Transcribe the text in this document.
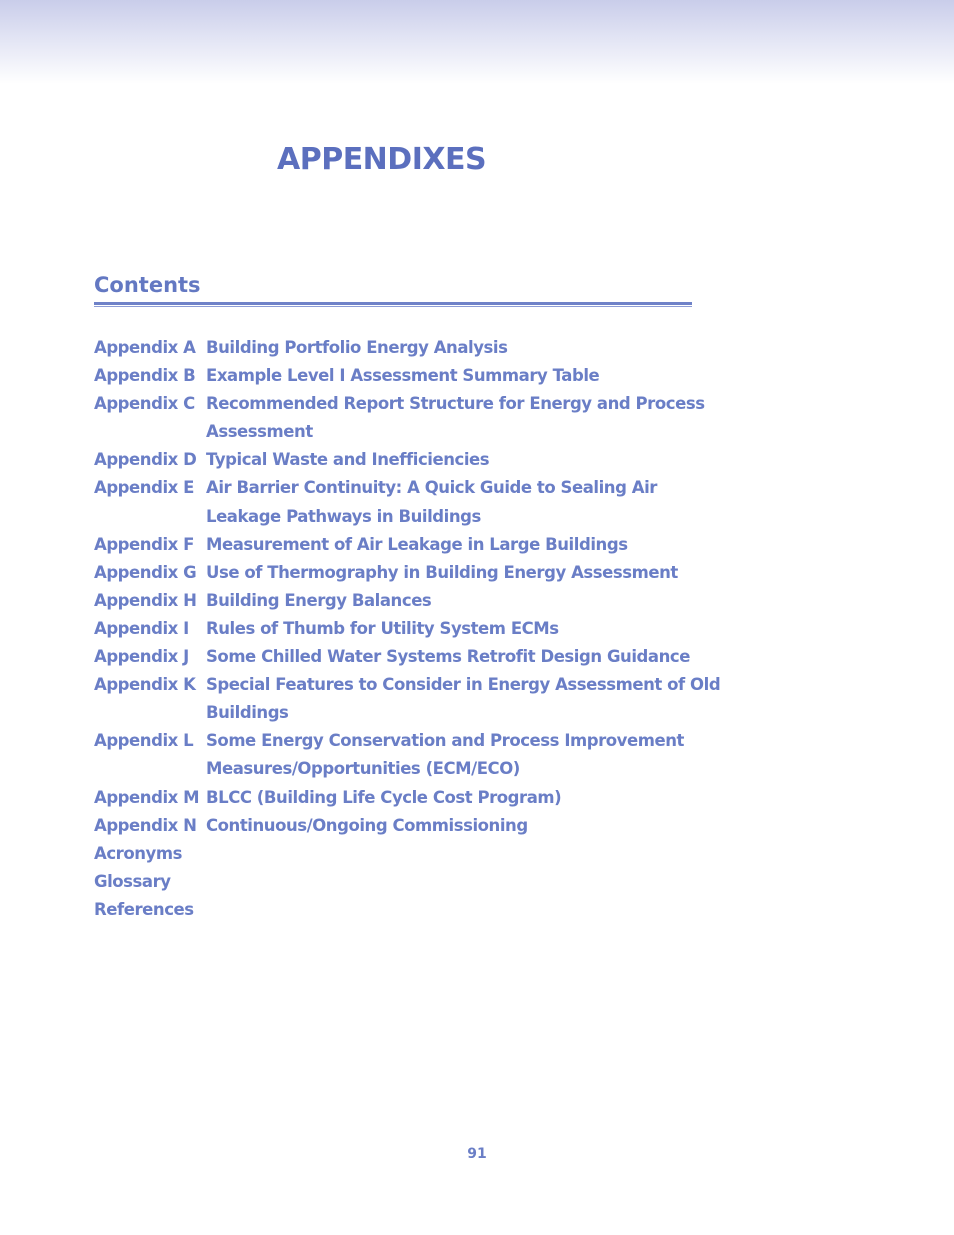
APPENDIXES
Contents
Appendix A Building Portfolio Energy Analysis
Appendix B Example Level I Assessment Summary Table
Appendix C Recommended Report Structure for Energy and Process
Assessment
Appendix D Typical Waste and Inefficiencies
Appendix E Air Barrier Continuity: A Quick Guide to Sealing Air
Leakage Pathways in Buildings
Appendix F Measurement of Air Leakage in Large Buildings
Appendix G Use of Thermography in Building Energy Assessment
Appendix H Building Energy Balances
Appendix I	Rules of Thumb for Utility System ECMs
Appendix J	Some Chilled Water Systems Retrofit Design Guidance
Appendix K Special Features to Consider in Energy Assessment of Old
Buildings
Appendix L Some Energy Conservation and Process Improvement
Measures/Opportunities (ECM/ECO)
Appendix M BLCC (Building Life Cycle Cost Program)
Appendix N Continuous/Ongoing Commissioning
Acronyms
Glossary
References
91
